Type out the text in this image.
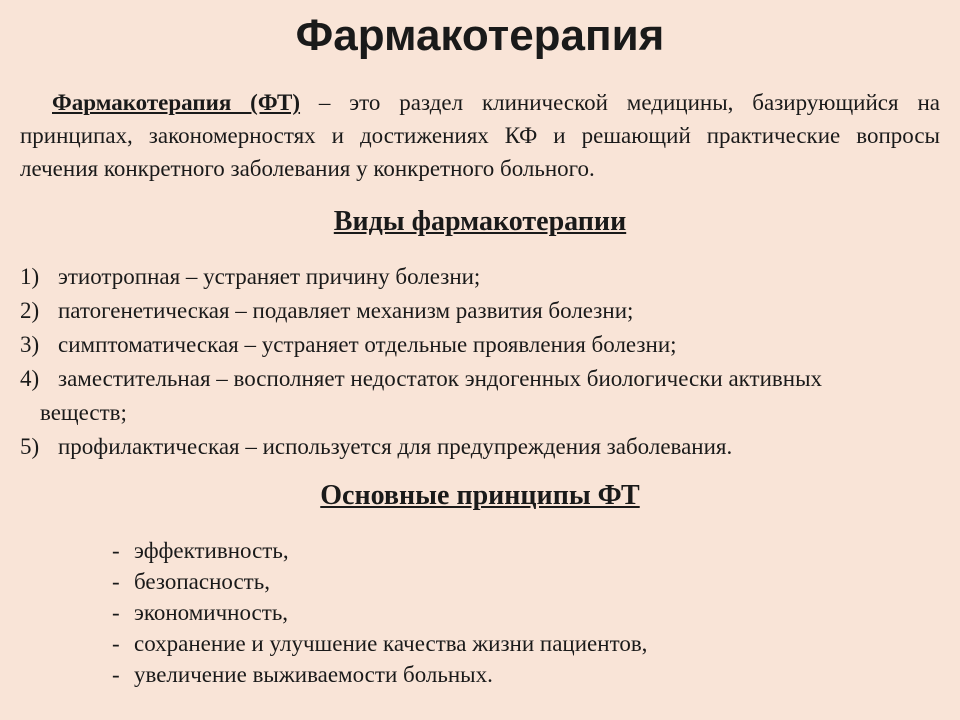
Фармакотерапия

Фармакотерапия (ФТ) – это раздел клинической медицины, базирующийся на принципах, закономерностях и достижениях КФ и решающий практические вопросы лечения конкретного заболевания у конкретного больного.

Виды фармакотерапии
1) этиотропная – устраняет причину болезни;
2) патогенетическая – подавляет механизм развития болезни;
3) симптоматическая – устраняет отдельные проявления болезни;
4) заместительная – восполняет недостаток эндогенных биологически активных
веществ;
5) профилактическая – используется для предупреждения заболевания.
Основные принципы ФТ
- эффективность,
- безопасность,
- экономичность,
- сохранение и улучшение качества жизни пациентов,
- увеличение выживаемости больных.
